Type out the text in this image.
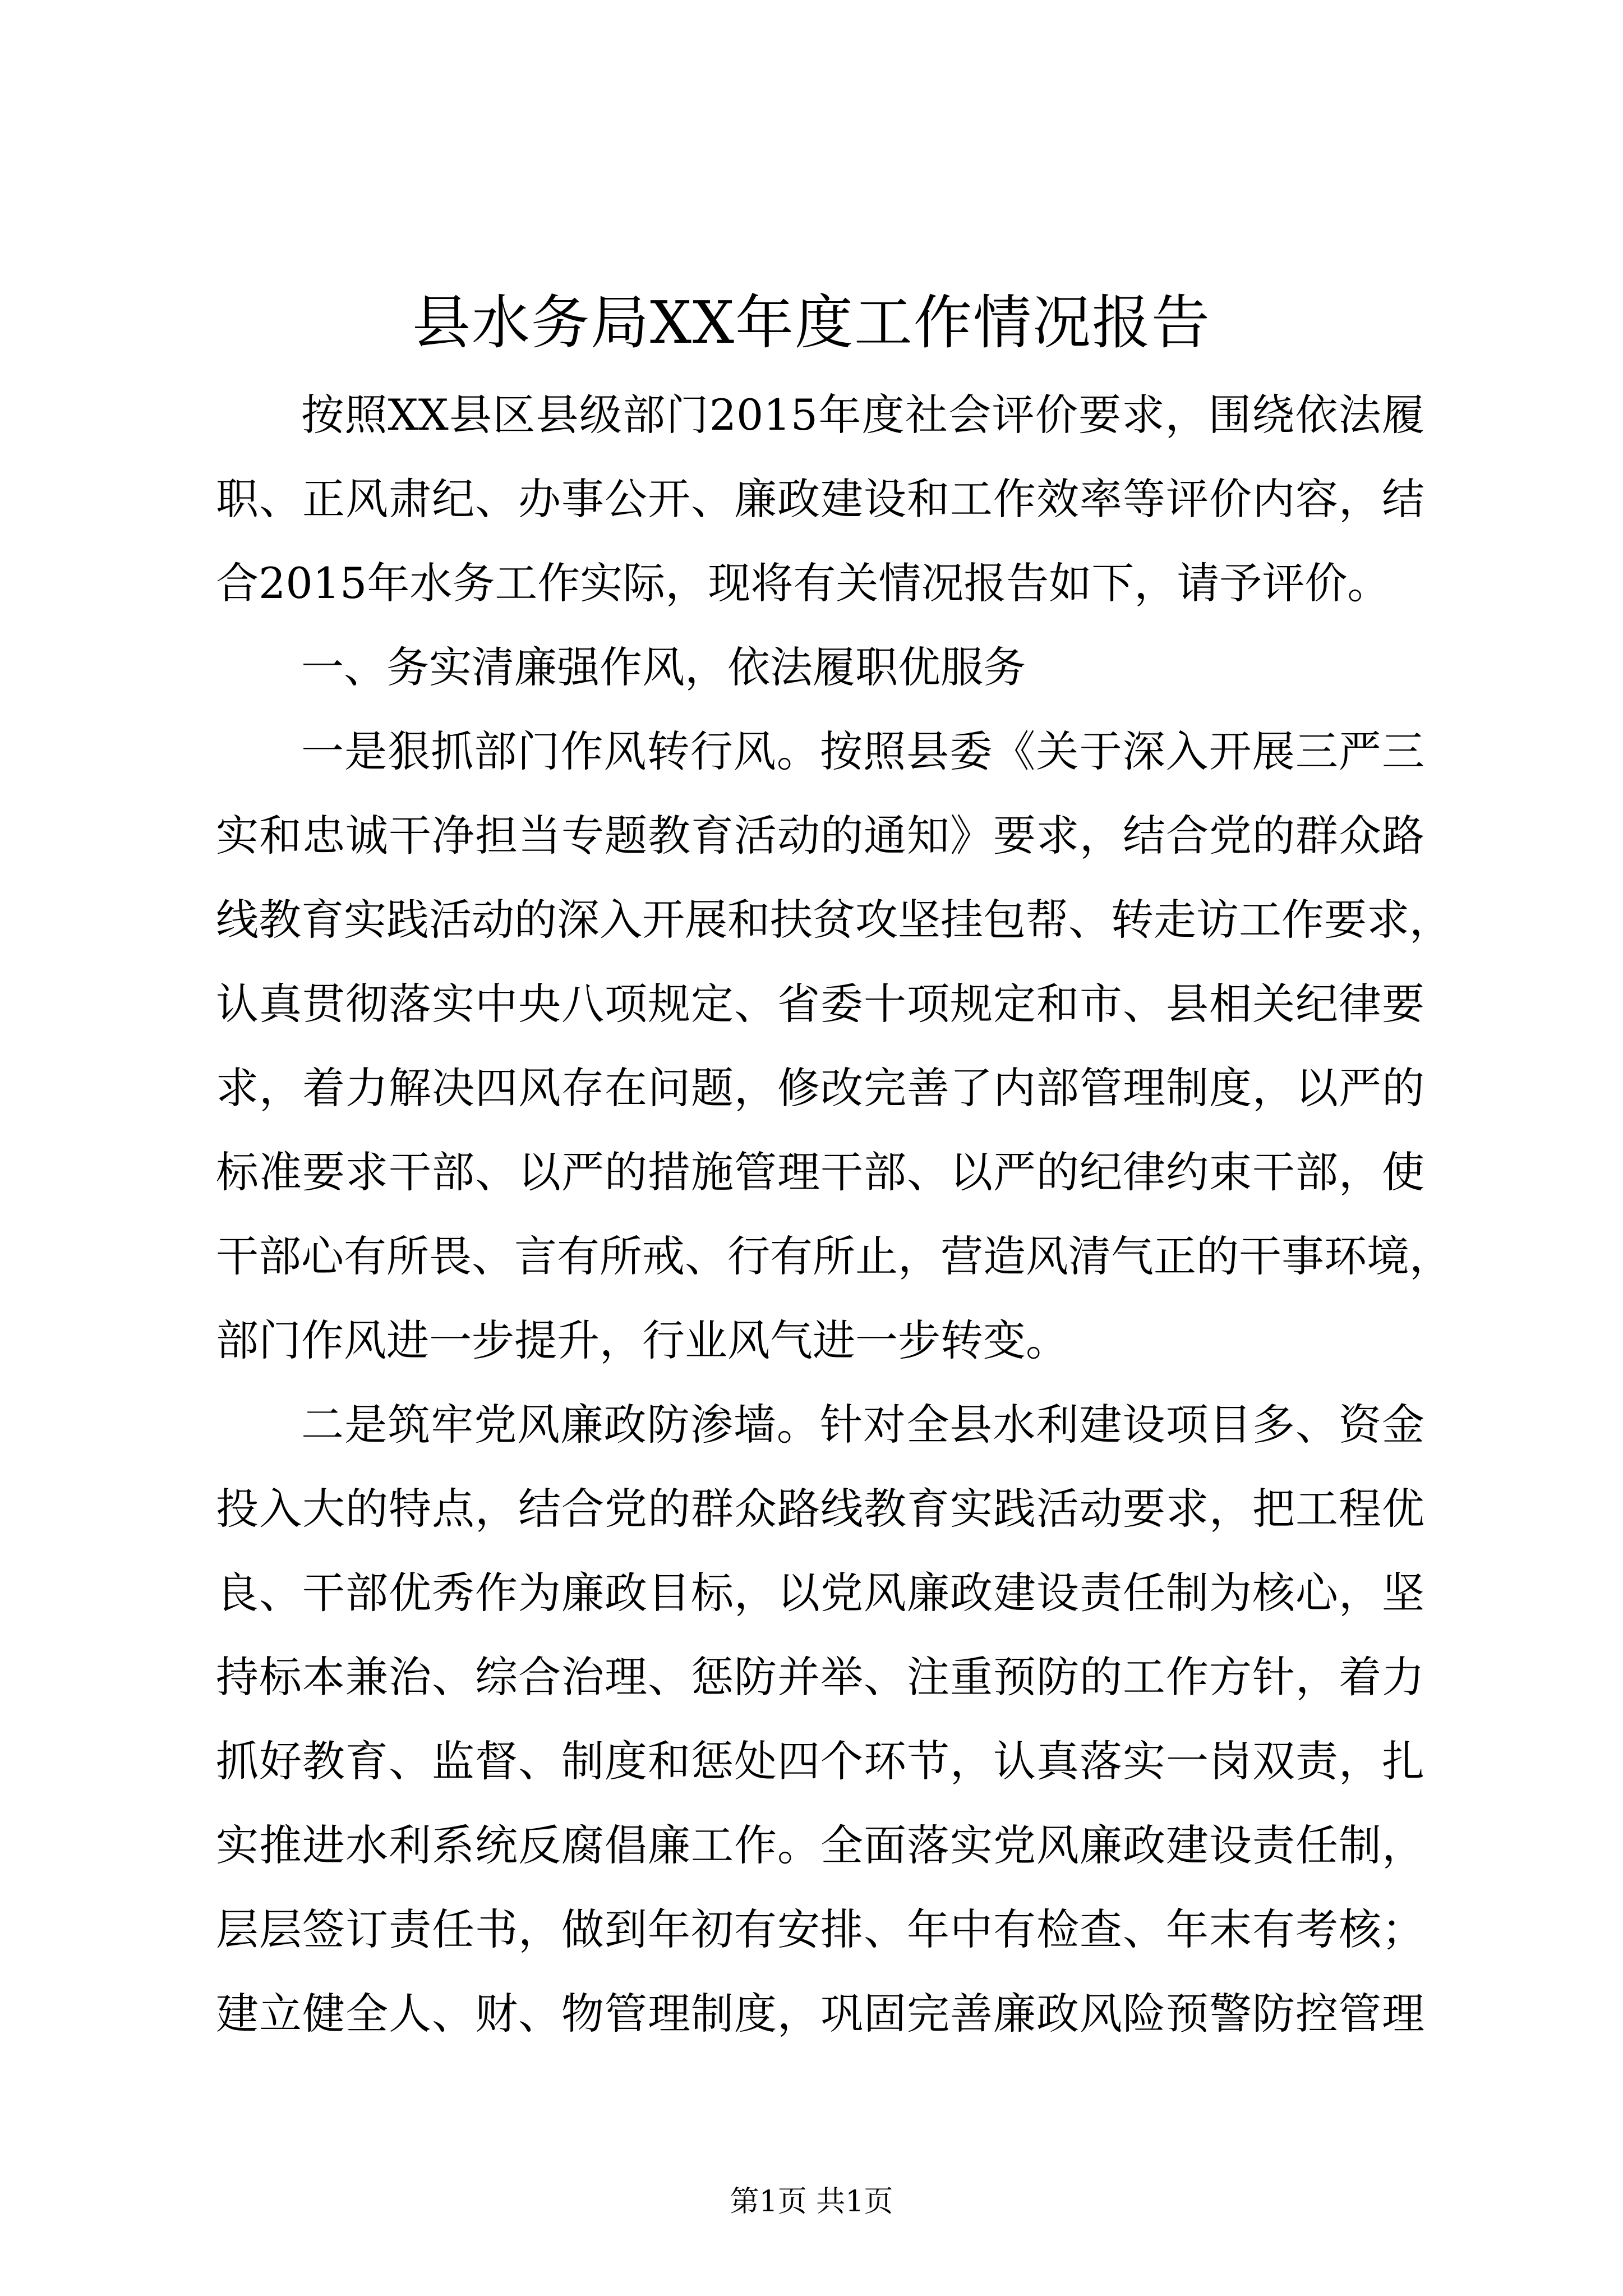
县水务局XX年度工作情况报告
按照XX县区县级部门2015年度社会评价要求，围绕依法履
职、正风肃纪、办事公开、廉政建设和工作效率等评价内容，结
合2015年水务工作实际，现将有关情况报告如下，请予评价。
一、务实清廉强作风，依法履职优服务
一是狠抓部门作风转行风。按照县委《关于深入开展三严三
实和忠诚干净担当专题教育活动的通知》要求，结合党的群众路
线教育实践活动的深入开展和扶贫攻坚挂包帮、转走访工作要求，
认真贯彻落实中央八项规定、省委十项规定和市、县相关纪律要
求，着力解决四风存在问题，修改完善了内部管理制度，以严的
标准要求干部、以严的措施管理干部、以严的纪律约束干部，使
干部心有所畏、言有所戒、行有所止，营造风清气正的干事环境，
部门作风进一步提升，行业风气进一步转变。
二是筑牢党风廉政防渗墙。针对全县水利建设项目多、资金
投入大的特点，结合党的群众路线教育实践活动要求，把工程优
良、干部优秀作为廉政目标，以党风廉政建设责任制为核心，坚
持标本兼治、综合治理、惩防并举、注重预防的工作方针，着力
抓好教育、监督、制度和惩处四个环节，认真落实一岗双责，扎
实推进水利系统反腐倡廉工作。全面落实党风廉政建设责任制，
层层签订责任书，做到年初有安排、年中有检查、年末有考核；
建立健全人、财、物管理制度，巩固完善廉政风险预警防控管理
第1页 共1页
